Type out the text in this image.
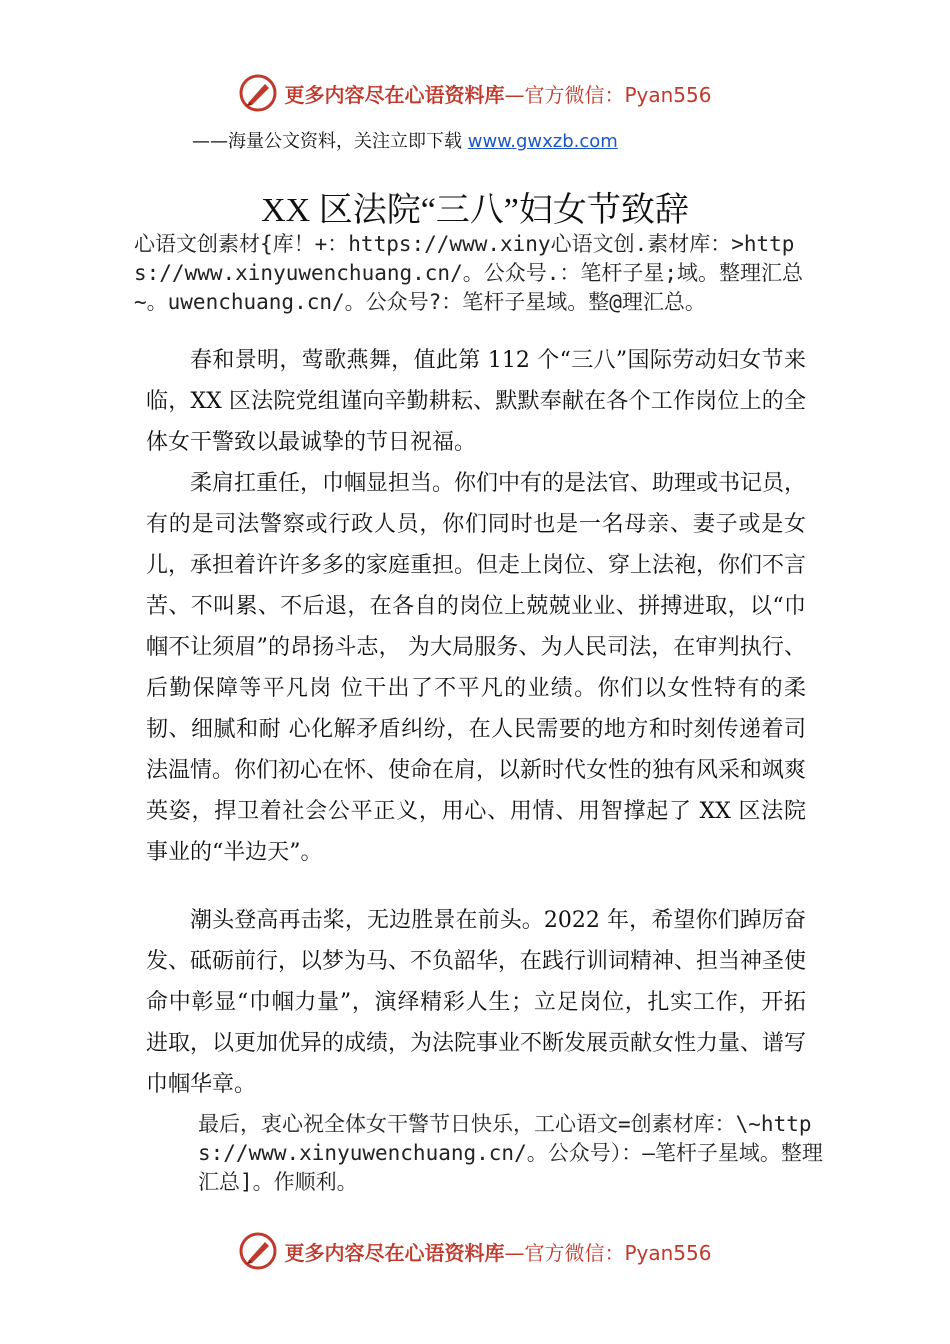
更多内容尽在心语资料库 —官方微信：Pyan556
——海量公文资料，关注立即下载 www.gwxzb.com
XX 区法院“三八”妇女节致辞
心语文创素材{库！+：https://www.xiny心语文创.素材库：>https://www.xinyuwenchuang.cn/。公众号.：笔杆子星;域。整理汇总~。uwenchuang.cn/。公众号?：笔杆子星域。整@理汇总。

春和景明，莺歌燕舞，值此第 112 个“三八”国际劳动妇女节来临，XX 区法院党组谨向辛勤耕耘、默默奉献在各个工作岗位上的全体女干警致以最诚挚的节日祝福。

柔肩扛重任，巾帼显担当。你们中有的是法官、助理或书记员，有的是司法警察或行政人员，你们同时也是一名母亲、妻子或是女儿，承担着许许多多的家庭重担。但走上岗位、穿上法袍，你们不言苦、不叫累、不后退，在各自的岗位上兢兢业业、拼搏进取，以“巾帼不让须眉”的昂扬斗志， 为大局服务、为人民司法，在审判执行、后勤保障等平凡岗 位干出了不平凡的业绩。你们以女性特有的柔韧、细腻和耐 心化解矛盾纠纷，在人民需要的地方和时刻传递着司法温情。你们初心在怀、使命在肩，以新时代女性的独有风采和飒爽 英姿，捍卫着社会公平正义，用心、用情、用智撑起了 XX 区法院事业的“半边天”。

潮头登高再击桨，无边胜景在前头。2022 年，希望你们踔厉奋发、砥砺前行，以梦为马、不负韶华，在践行训词精神、担当神圣使命中彰显“巾帼力量”，演绎精彩人生；立足岗位，扎实工作，开拓进取，以更加优异的成绩，为法院事业不断发展贡献女性力量、谱写巾帼华章。

最后，衷心祝全体女干警节日快乐，工心语文=创素材库：\~https://www.xinyuwenchuang.cn/。公众号）：—笔杆子星域。整理汇总]。作顺利。
更多内容尽在心语资料库 —官方微信：Pyan556
